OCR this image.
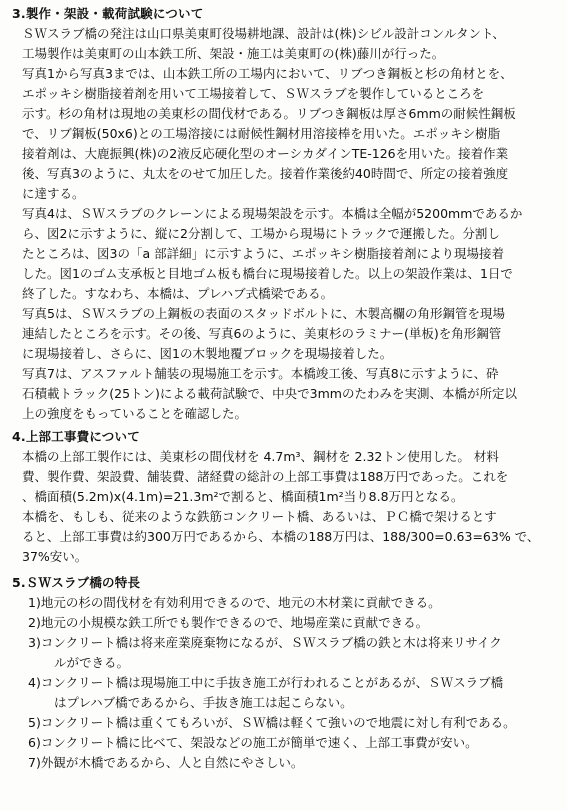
3.製作・架設・載荷試験について
ＳＷスラブ橋の発注は山口県美東町役場耕地課、設計は(株)シビル設計コンルタント、
工場製作は美東町の山本鉄工所、架設・施工は美東町の(株)藤川が行った。
写真1から写真3までは、山本鉄工所の工場内において、リブつき鋼板と杉の角材とを、
エポッキシ樹脂接着剤を用いて工場接着して、ＳＷスラブを製作しているところを
示す。杉の角材は現地の美東杉の間伐材である。リブつき鋼板は厚さ6mmの耐候性鋼板
で、リブ鋼板(50x6)との工場溶接には耐候性鋼材用溶接棒を用いた。エポッキシ樹脂
接着剤は、大鹿振興(株)の2液反応硬化型のオーシカダインTE-126を用いた。接着作業
後、写真3のように、丸太をのせて加圧した。接着作業後約40時間で、所定の接着強度
に達する。
写真4は、ＳＷスラブのクレーンによる現場架設を示す。本橋は全幅が5200mmであるか
ら、図2に示すように、縦に2分割して、工場から現場にトラックで運搬した。分割し
たところは、図3の「a 部詳細」に示すように、エポッキシ樹脂接着剤により現場接着
した。図1のゴム支承板と目地ゴム板も橋台に現場接着した。以上の架設作業は、1日で
終了した。すなわち、本橋は、プレハブ式橋梁である。
写真5は、ＳＷスラブの上鋼板の表面のスタッドボルトに、木製高欄の角形鋼管を現場
連結したところを示す。その後、写真6のように、美東杉のラミナー(単板)を角形鋼管
に現場接着し、さらに、図1の木製地覆ブロックを現場接着した。
写真7は、アスファルト舗装の現場施工を示す。本橋竣工後、写真8に示すように、砕
石積載トラック(25トン)による載荷試験で、中央で3mmのたわみを実測、本橋が所定以
上の強度をもっていることを確認した。
4.上部工事費について
本橋の上部工製作には、美東杉の間伐材を 4.7m³、鋼材を 2.32トン使用した。 材料
費、製作費、架設費、舗装費、諸経費の総計の上部工事費は188万円であった。これを
、橋面積(5.2m)x(4.1m)=21.3m²で割ると、橋面積1m²当り8.8万円となる。
本橋を、もしも、従来のような鉄筋コンクリート橋、あるいは、ＰＣ橋で架けるとす
ると、上部工事費は約300万円であるから、本橋の188万円は、188/300=0.63=63% で、
37%安い。
5.ＳＷスラブ橋の特長
1)地元の杉の間伐材を有効利用できるので、地元の木材業に貢献できる。
2)地元の小規模な鉄工所でも製作できるので、地場産業に貢献できる。
3)コンクリート橋は将来産業廃棄物になるが、ＳＷスラブ橋の鉄と木は将来リサイク
ルができる。
4)コンクリート橋は現場施工中に手抜き施工が行われることがあるが、ＳＷスラブ橋
はプレハブ橋であるから、手抜き施工は起こらない。
5)コンクリート橋は重くてもろいが、ＳＷ橋は軽くて強いので地震に対し有利である。
6)コンクリート橋に比べて、架設などの施工が簡単で速く、上部工事費が安い。
7)外観が木橋であるから、人と自然にやさしい。
